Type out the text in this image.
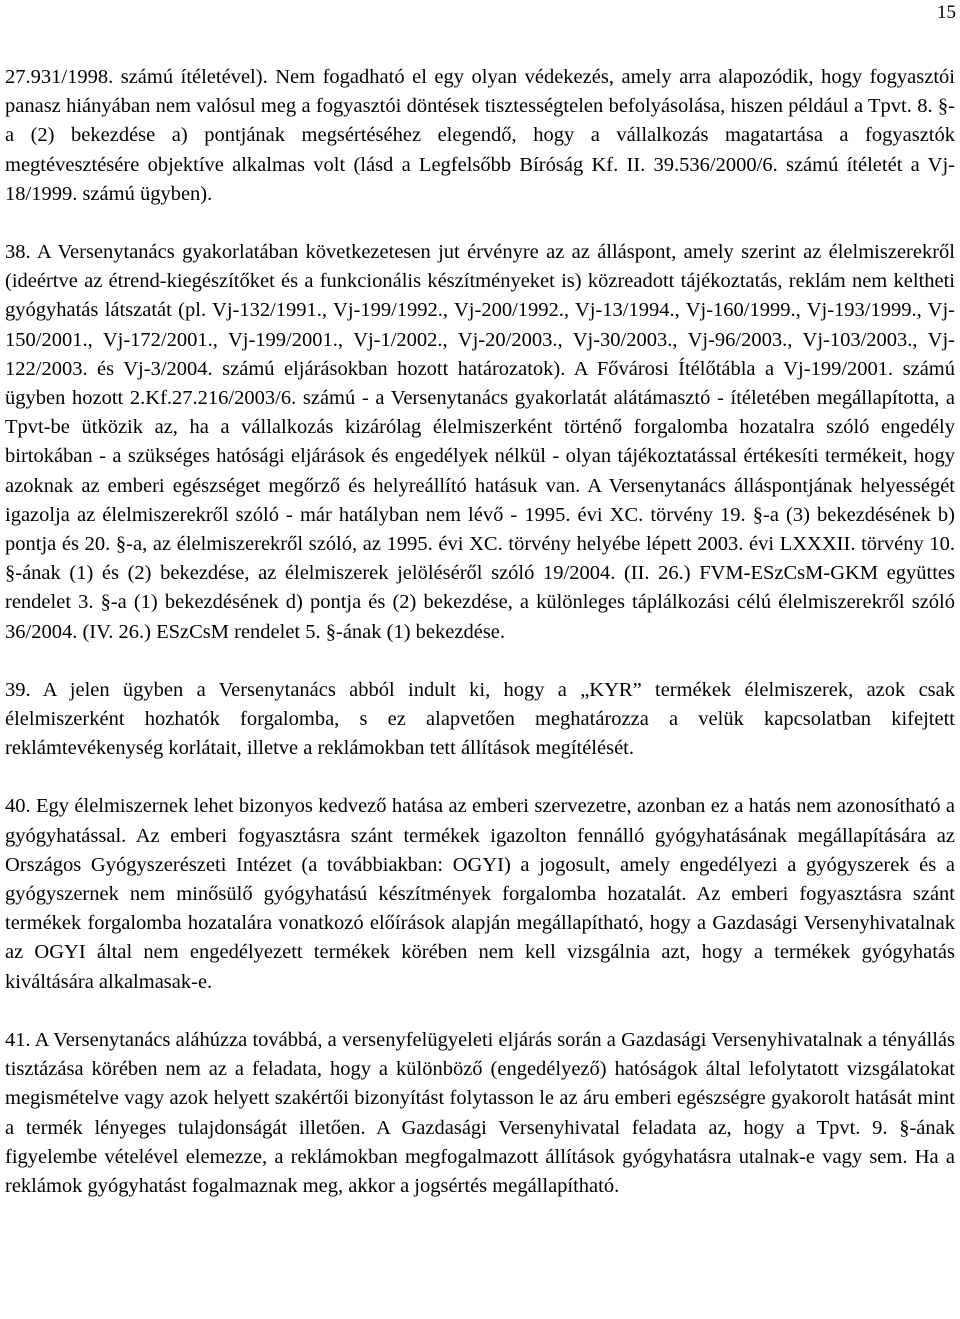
15

27.931/1998. számú ítéletével). Nem fogadható el egy olyan védekezés, amely arra alapozódik, hogy fogyasztói panasz hiányában nem valósul meg a fogyasztói döntések tisztességtelen befolyásolása, hiszen például a Tpvt. 8. §-a (2) bekezdése a) pontjának megsértéséhez elegendő, hogy a vállalkozás magatartása a fogyasztók megtévesztésére objektíve alkalmas volt (lásd a Legfelsőbb Bíróság Kf. II. 39.536/2000/6. számú ítéletét a Vj-18/1999. számú ügyben).

38. A Versenytanács gyakorlatában következetesen jut érvényre az az álláspont, amely szerint az élelmiszerekről (ideértve az étrend-kiegészítőket és a funkcionális készítményeket is) közreadott tájékoztatás, reklám nem keltheti gyógyhatás látszatát (pl. Vj-132/1991., Vj-199/1992., Vj-200/1992., Vj-13/1994., Vj-160/1999., Vj-193/1999., Vj-150/2001., Vj-172/2001., Vj-199/2001., Vj-1/2002., Vj-20/2003., Vj-30/2003., Vj-96/2003., Vj-103/2003., Vj-122/2003. és Vj-3/2004. számú eljárásokban hozott határozatok). A Fővárosi Ítélőtábla a Vj-199/2001. számú ügyben hozott 2.Kf.27.216/2003/6. számú - a Versenytanács gyakorlatát alátámasztó - ítéletében megállapította, a Tpvt-be ütközik az, ha a vállalkozás kizárólag élelmiszerként történő forgalomba hozatalra szóló engedély birtokában - a szükséges hatósági eljárások és engedélyek nélkül - olyan tájékoztatással értékesíti termékeit, hogy azoknak az emberi egészséget megőrző és helyreállító hatásuk van. A Versenytanács álláspontjának helyességét igazolja az élelmiszerekről szóló - már hatályban nem lévő - 1995. évi XC. törvény 19. §-a (3) bekezdésének b) pontja és 20. §-a, az élelmiszerekről szóló, az 1995. évi XC. törvény helyébe lépett 2003. évi LXXXII. törvény 10. §-ának (1) és (2) bekezdése, az élelmiszerek jelöléséről szóló 19/2004. (II. 26.) FVM-ESzCsM-GKM együttes rendelet 3. §-a (1) bekezdésének d) pontja és (2) bekezdése, a különleges táplálkozási célú élelmiszerekről szóló 36/2004. (IV. 26.) ESzCsM rendelet 5. §-ának (1) bekezdése.

39. A jelen ügyben a Versenytanács abból indult ki, hogy a „KYR” termékek élelmiszerek, azok csak élelmiszerként hozhatók forgalomba, s ez alapvetően meghatározza a velük kapcsolatban kifejtett reklámtevékenység korlátait, illetve a reklámokban tett állítások megítélését.

40. Egy élelmiszernek lehet bizonyos kedvező hatása az emberi szervezetre, azonban ez a hatás nem azonosítható a gyógyhatással. Az emberi fogyasztásra szánt termékek igazolton fennálló gyógyhatásának megállapítására az Országos Gyógyszerészeti Intézet (a továbbiakban: OGYI) a jogosult, amely engedélyezi a gyógyszerek és a gyógyszernek nem minősülő gyógyhatású készítmények forgalomba hozatalát. Az emberi fogyasztásra szánt termékek forgalomba hozatalára vonatkozó előírások alapján megállapítható, hogy a Gazdasági Versenyhivatalnak az OGYI által nem engedélyezett termékek körében nem kell vizsgálnia azt, hogy a termékek gyógyhatás kiváltására alkalmasak-e.

41. A Versenytanács aláhúzza továbbá, a versenyfelügyeleti eljárás során a Gazdasági Versenyhivatalnak a tényállás tisztázása körében nem az a feladata, hogy a különböző (engedélyező) hatóságok által lefolytatott vizsgálatokat megismételve vagy azok helyett szakértői bizonyítást folytasson le az áru emberi egészségre gyakorolt hatását mint a termék lényeges tulajdonságát illetően. A Gazdasági Versenyhivatal feladata az, hogy a Tpvt. 9. §-ának figyelembe vételével elemezze, a reklámokban megfogalmazott állítások gyógyhatásra utalnak-e vagy sem. Ha a reklámok gyógyhatást fogalmaznak meg, akkor a jogsértés megállapítható.
